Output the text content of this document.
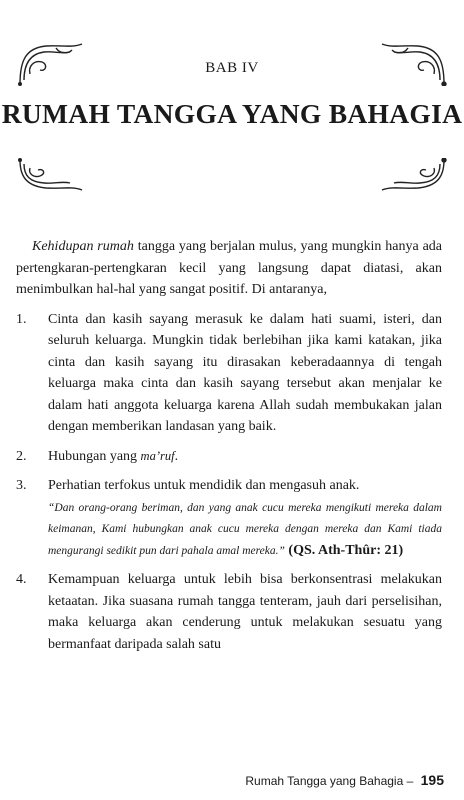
BAB IV
RUMAH TANGGA YANG BAHAGIA

Kehidupan rumah tangga yang berjalan mulus, yang mungkin hanya ada pertengkaran-pertengkaran kecil yang langsung dapat diatasi, akan menimbulkan hal-hal yang sangat positif. Di antaranya,

1.	Cinta dan kasih sayang merasuk ke dalam hati suami, isteri, dan seluruh keluarga. Mungkin tidak berlebihan jika kami katakan, jika cinta dan kasih sayang itu dirasakan keberadaannya di tengah keluarga maka cinta dan kasih sayang tersebut akan menjalar ke dalam hati anggota keluarga karena Allah sudah membukakan jalan dengan memberikan landasan yang baik.
2.	Hubungan yang ma’ruf.
3.	Perhatian terfokus untuk mendidik dan mengasuh anak.
“Dan orang-orang beriman, dan yang anak cucu mereka mengikuti mereka dalam keimanan, Kami hubungkan anak cucu mereka dengan mereka dan Kami tiada mengurangi sedikit pun dari pahala amal mereka.” (QS. Ath-Thûr: 21)
4.	Kemampuan keluarga untuk lebih bisa berkonsentrasi melakukan ketaatan. Jika suasana rumah tangga tenteram, jauh dari perselisihan, maka keluarga akan cenderung untuk melakukan sesuatu yang bermanfaat daripada salah satu
Rumah Tangga yang Bahagia – 195
